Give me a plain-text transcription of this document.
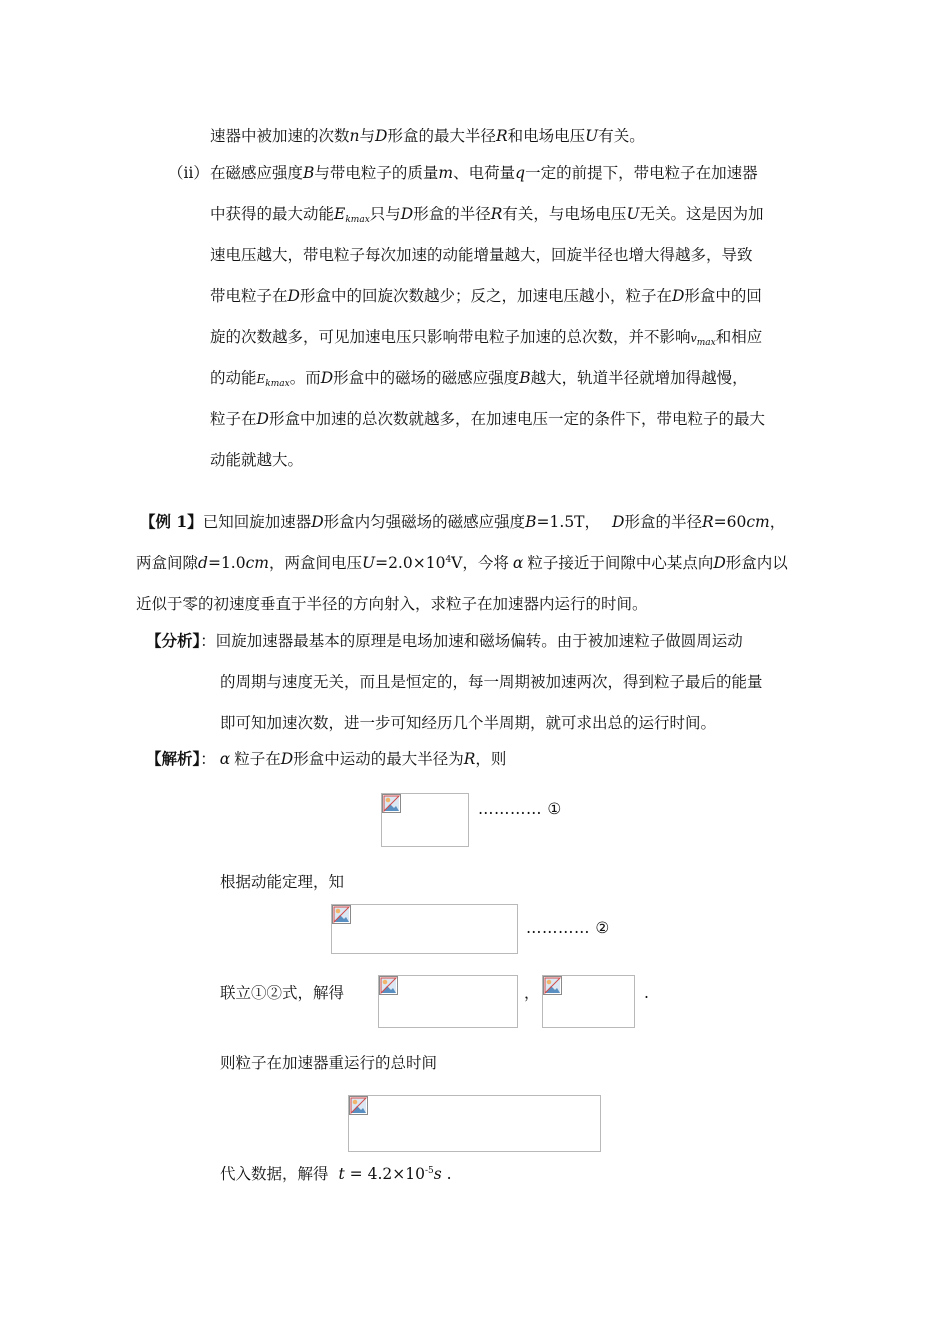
速器中被加速的次数n与D形盒的最大半径R和电场电压U有关。
（ⅱ） 在磁感应强度B与带电粒子的质量m、电荷量q一定的前提下，带电粒子在加速器
中获得的最大动能Ekmax只与D形盒的半径R有关，与电场电压U无关。这是因为加
速电压越大，带电粒子每次加速的动能增量越大，回旋半径也增大得越多，导致
带电粒子在D形盒中的回旋次数越少；反之，加速电压越小，粒子在D形盒中的回
旋的次数越多，可见加速电压只影响带电粒子加速的总次数，并不影响vmax和相应
的动能Ekmax。而D形盒中的磁场的磁感应强度B越大，轨道半径就增加得越慢，
粒子在D形盒中加速的总次数就越多，在加速电压一定的条件下，带电粒子的最大
动能就越大。
【例 1】已知回旋加速器D形盒内匀强磁场的磁感应强度B=1.5T， D形盒的半径R=60cm，
两盒间隙d=1.0cm，两盒间电压$U=2.0\times 10^4V$，今将 α 粒子接近于间隙中心某点向D形盒内以
近似于零的初速度垂直于半径的方向射入，求粒子在加速器内运行的时间。
【分析】：回旋加速器最基本的原理是电场加速和磁场偏转。由于被加速粒子做圆周运动
的周期与速度无关，而且是恒定的，每一周期被加速两次，得到粒子最后的能量
即可知加速次数，进一步可知经历几个半周期，就可求出总的运行时间。
【解析】： α 粒子在D形盒中运动的最大半径为R，则
………… ①
根据动能定理，知
………… ②
联立①②式，解得	，	.
则粒子在加速器重运行的总时间
代入数据，解得 $t = 4.2\times 10^{-5}s$ .
